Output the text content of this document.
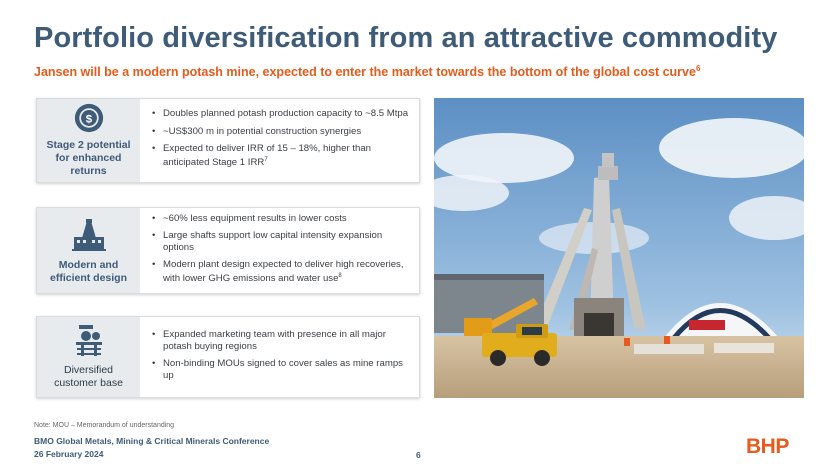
Portfolio diversification from an attractive commodity
Jansen will be a modern potash mine, expected to enter the market towards the bottom of the global cost curve$^6$
$
Stage 2 potential for enhanced returns
• Doubles planned potash production capacity to ~8.5 Mtpa
• ~US$300 m in potential construction synergies
• Expected to deliver IRR of 15 – 18%, higher than anticipated Stage 1 IRR$^7$
Modern and efficient design
• ~60% less equipment results in lower costs
• Large shafts support low capital intensity expansion options
• Modern plant design expected to deliver high recoveries, with lower GHG emissions and water use$^8$
Diversified customer base
• Expanded marketing team with presence in all major potash buying regions
• Non-binding MOUs signed to cover sales as mine ramps up
Note: MOU – Memorandum of understanding
BMO Global Metals, Mining & Critical Minerals Conference
26 February 2024	6	BHP
